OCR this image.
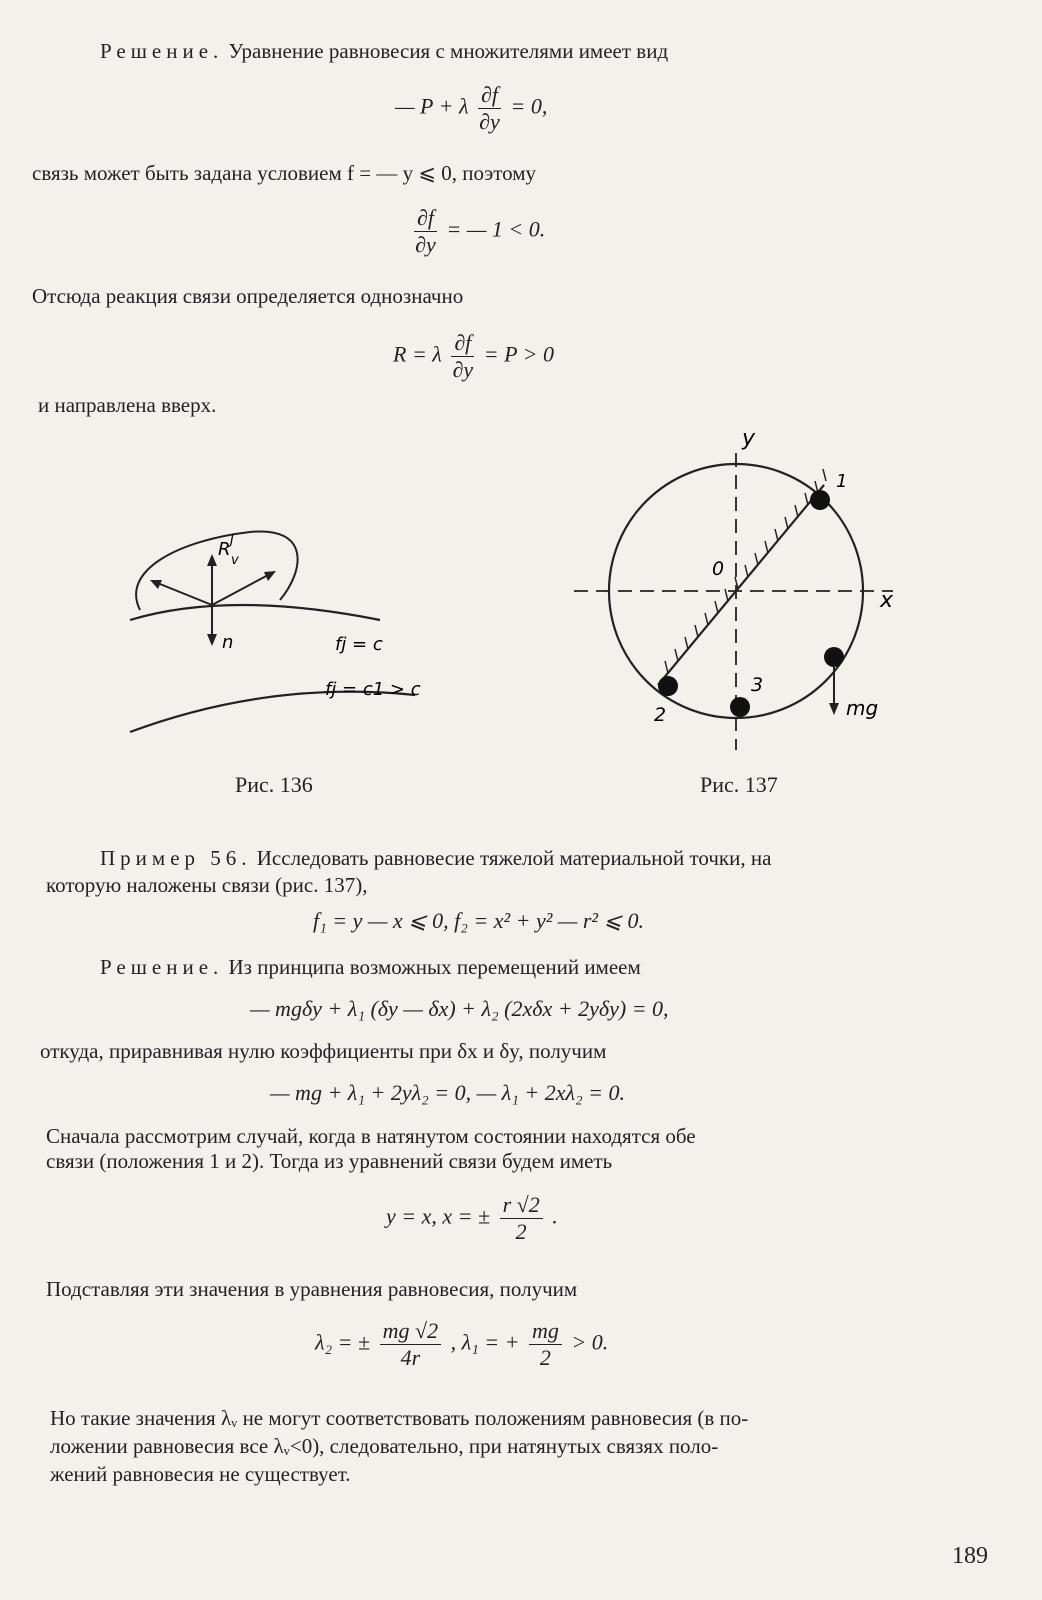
Решение. Уравнение равновесия с множителями имеет вид
— P + λ $\frac{\partial f}{\partial y} = 0$,
связь может быть задана условием f = — y ⩽ 0, поэтому
$\frac{\partial f}{\partial y}$ = — 1 < 0.
Отсюда реакция связи определяется однозначно
R = λ $\frac{\partial f}{\partial y} = P > 0$
и направлена вверх.
R J
v
n	fj = c
fj = c1 > c
Рис. 136
y
x
0
1
2
3
mg
Рис. 137
Пример 56. Исследовать равновесие тяжелой материальной точки, на
которую наложены связи (рис. 137),
f₁ = y — x ⩽ 0, f₂ = x² + y² — r² ⩽ 0.
Решение. Из принципа возможных перемещений имеем
— mgδy + λ₁ (δy — δx) + λ₂ (2xδx + 2yδy) = 0,
откуда, приравнивая нулю коэффициенты при δx и δy, получим
— mg + λ₁ + 2yλ₂ = 0, — λ₁ + 2xλ₂ = 0.
Сначала рассмотрим случай, когда в натянутом состоянии находятся обе
связи (положения 1 и 2). Тогда из уравнений связи будем иметь
y = x, x = ± $\frac{r √2}{2}$ .
Подставляя эти значения в уравнения равновесия, получим
λ₂ = ± $\frac{mg √2}{4r}$ , λ₁ = + $\frac{mg}{2} > 0$.
Но такие значения λᵥ не могут соответствовать положениям равновесия (в по-
ложении равновесия все λᵥ<0), следовательно, при натянутых связях поло-
жений равновесия не существует.
189
